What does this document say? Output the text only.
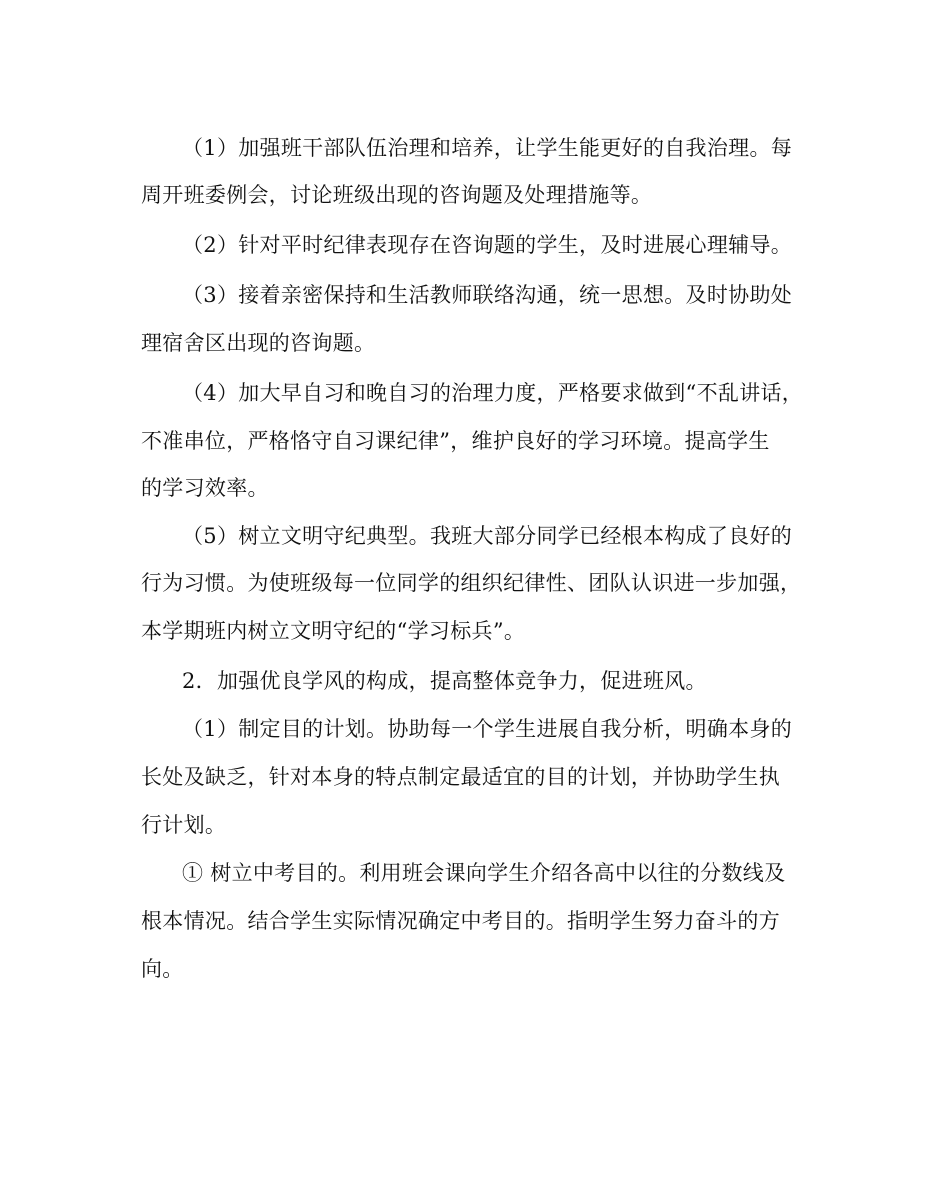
（1）加强班干部队伍治理和培养，让学生能更好的自我治理。每
周开班委例会，讨论班级出现的咨询题及处理措施等。
（2）针对平时纪律表现存在咨询题的学生，及时进展心理辅导。
（3）接着亲密保持和生活教师联络沟通，统一思想。及时协助处
理宿舍区出现的咨询题。
（4）加大早自习和晚自习的治理力度，严格要求做到“不乱讲话，
不准串位，严格恪守自习课纪律”，维护良好的学习环境。提高学生
的学习效率。
（5）树立文明守纪典型。我班大部分同学已经根本构成了良好的
行为习惯。为使班级每一位同学的组织纪律性、团队认识进一步加强，
本学期班内树立文明守纪的“学习标兵”。
2．加强优良学风的构成，提高整体竞争力，促进班风。
（1）制定目的计划。协助每一个学生进展自我分析，明确本身的
长处及缺乏，针对本身的特点制定最适宜的目的计划，并协助学生执
行计划。
① 树立中考目的。利用班会课向学生介绍各高中以往的分数线及
根本情况。结合学生实际情况确定中考目的。指明学生努力奋斗的方
向。
